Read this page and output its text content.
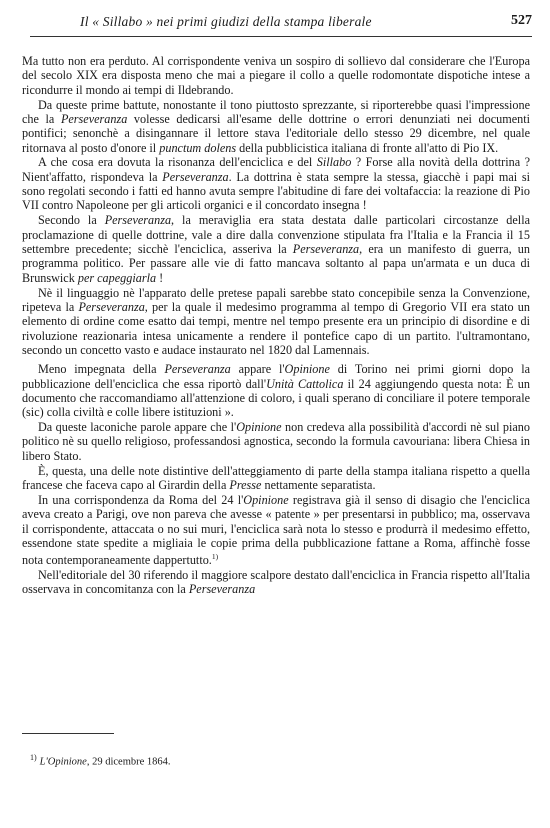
Il « Sillabo » nei primi giudizi della stampa liberale	527

Ma tutto non era perduto. Al corrispondente veniva un sospiro di sollievo dal considerare che l'Europa del secolo XIX era disposta meno che mai a piegare il collo a quelle rodomontate dispotiche intese a ricondurre il mondo ai tempi di Ildebrando.

Da queste prime battute, nonostante il tono piuttosto sprezzante, si riporterebbe quasi l'impressione che la Perseveranza volesse dedicarsi all'esame delle dottrine o errori denunziati nei documenti pontifici; senonchè a disingannare il lettore stava l'editoriale dello stesso 29 dicembre, nel quale ritornava al posto d'onore il punctum dolens della pubblicistica italiana di fronte all'atto di Pio IX.

A che cosa era dovuta la risonanza dell'enciclica e del Sillabo ? Forse alla novità della dottrina ? Nient'affatto, rispondeva la Perseveranza. La dottrina è stata sempre la stessa, giacchè i papi mai si sono regolati secondo i fatti ed hanno avuta sempre l'abitudine di fare dei voltafaccia: la reazione di Pio VII contro Napoleone per gli articoli organici e il concordato insegna !

Secondo la Perseveranza, la meraviglia era stata destata dalle particolari circostanze della proclamazione di quelle dottrine, vale a dire dalla convenzione stipulata fra l'Italia e la Francia il 15 settembre precedente; sicchè l'enciclica, asseriva la Perseveranza, era un manifesto di guerra, un programma politico. Per passare alle vie di fatto mancava soltanto al papa un'armata e un duca di Brunswick per capeggiarla !

Nè il linguaggio nè l'apparato delle pretese papali sarebbe stato concepibile senza la Convenzione, ripeteva la Perseveranza, per la quale il medesimo programma al tempo di Gregorio VII era stato un elemento di ordine come esatto dai tempi, mentre nel tempo presente era un principio di disordine e di rivoluzione reazionaria intesa unicamente a rendere il pontefice capo di un partito. l'ultramontano, secondo un concetto vasto e audace instaurato nel 1820 dal Lamennais.

Meno impegnata della Perseveranza appare l'Opinione di Torino nei primi giorni dopo la pubblicazione dell'enciclica che essa riportò dall'Unità Cattolica il 24 aggiungendo questa nota: È un documento che raccomandiamo all'attenzione di coloro, i quali sperano di conciliare il potere temporale (sic) colla civiltà e colle libere istituzioni ».

Da queste laconiche parole appare che l'Opinione non credeva alla possibilità d'accordi nè sul piano politico nè su quello religioso, professandosi agnostica, secondo la formula cavouriana: libera Chiesa in libero Stato.

È, questa, una delle note distintive dell'atteggiamento di parte della stampa italiana rispetto a quella francese che faceva capo al Girardin della Presse nettamente separatista.

In una corrispondenza da Roma del 24 l'Opinione registrava già il senso di disagio che l'enciclica aveva creato a Parigi, ove non pareva che avesse « patente » per presentarsi in pubblico; ma, osservava il corrispondente, attaccata o no sui muri, l'enciclica sarà nota lo stesso e produrrà il medesimo effetto, essendone state spedite a migliaia le copie prima della pubblicazione fattane a Roma, affinchè fosse nota contemporaneamente dappertutto.$^{1)}$

Nell'editoriale del 30 riferendo il maggiore scalpore destato dall'enciclica in Francia rispetto all'Italia osservava in concomitanza con la Perseveranza

$^{1)}$ L'Opinione, 29 dicembre 1864.
